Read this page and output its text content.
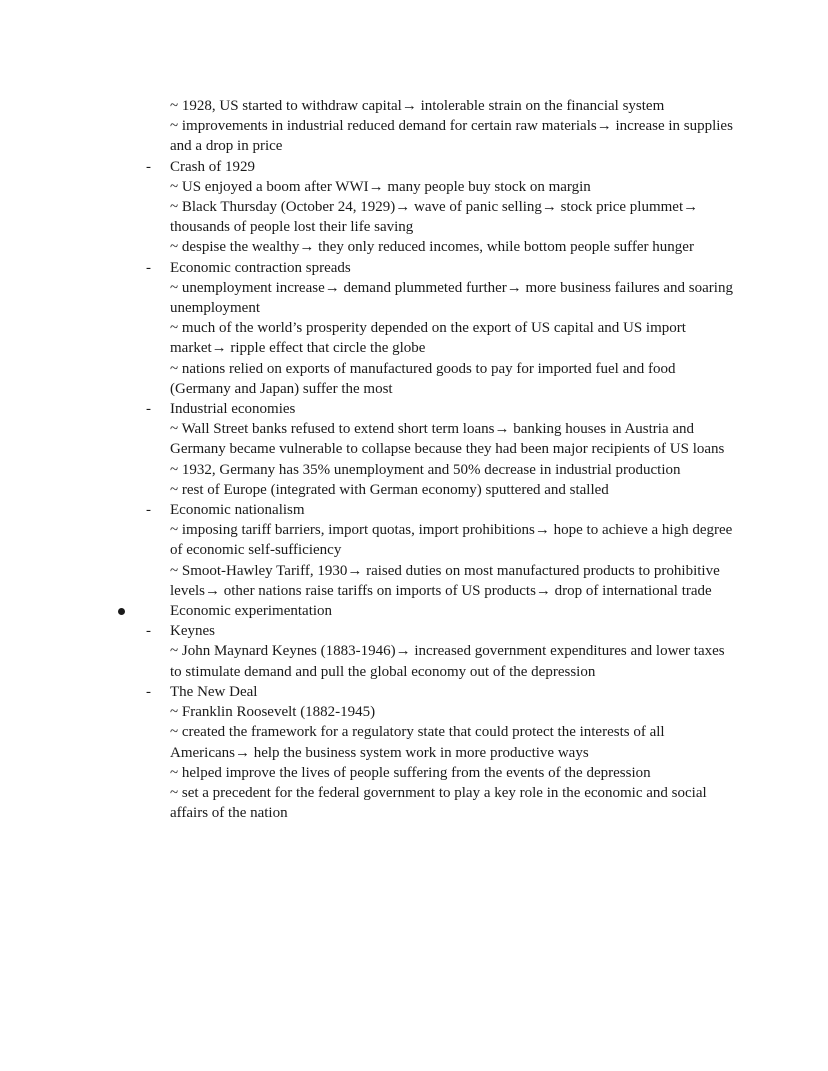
~ 1928, US started to withdraw capital→ intolerable strain on the financial system

~ improvements in industrial reduced demand for certain raw materials→ increase in supplies and a drop in price

-	Crash of 1929

~ US enjoyed a boom after WWI→ many people buy stock on margin

~ Black Thursday (October 24, 1929)→ wave of panic selling→ stock price plummet→ thousands of people lost their life saving

~ despise the wealthy→ they only reduced incomes, while bottom people suffer hunger

-	Economic contraction spreads

~ unemployment increase→ demand plummeted further→ more business failures and soaring unemployment

~ much of the world’s prosperity depended on the export of US capital and US import market→ ripple effect that circle the globe

~ nations relied on exports of manufactured goods to pay for imported fuel and food (Germany and Japan) suffer the most

-	Industrial economies

~ Wall Street banks refused to extend short term loans→ banking houses in Austria and Germany became vulnerable to collapse because they had been major recipients of US loans

~ 1932, Germany has 35% unemployment and 50% decrease in industrial production

~ rest of Europe (integrated with German economy) sputtered and stalled

-	Economic nationalism

~ imposing tariff barriers, import quotas, import prohibitions→ hope to achieve a high degree of economic self-sufficiency

~ Smoot-Hawley Tariff, 1930→ raised duties on most manufactured products to prohibitive levels→ other nations raise tariffs on imports of US products→ drop of international trade

Economic experimentation

-	Keynes

~ John Maynard Keynes (1883-1946)→ increased government expenditures and lower taxes to stimulate demand and pull the global economy out of the depression

-	The New Deal

~ Franklin Roosevelt (1882-1945)

~ created the framework for a regulatory state that could protect the interests of all Americans→ help the business system work in more productive ways

~ helped improve the lives of people suffering from the events of the depression

~ set a precedent for the federal government to play a key role in the economic and social affairs of the nation
